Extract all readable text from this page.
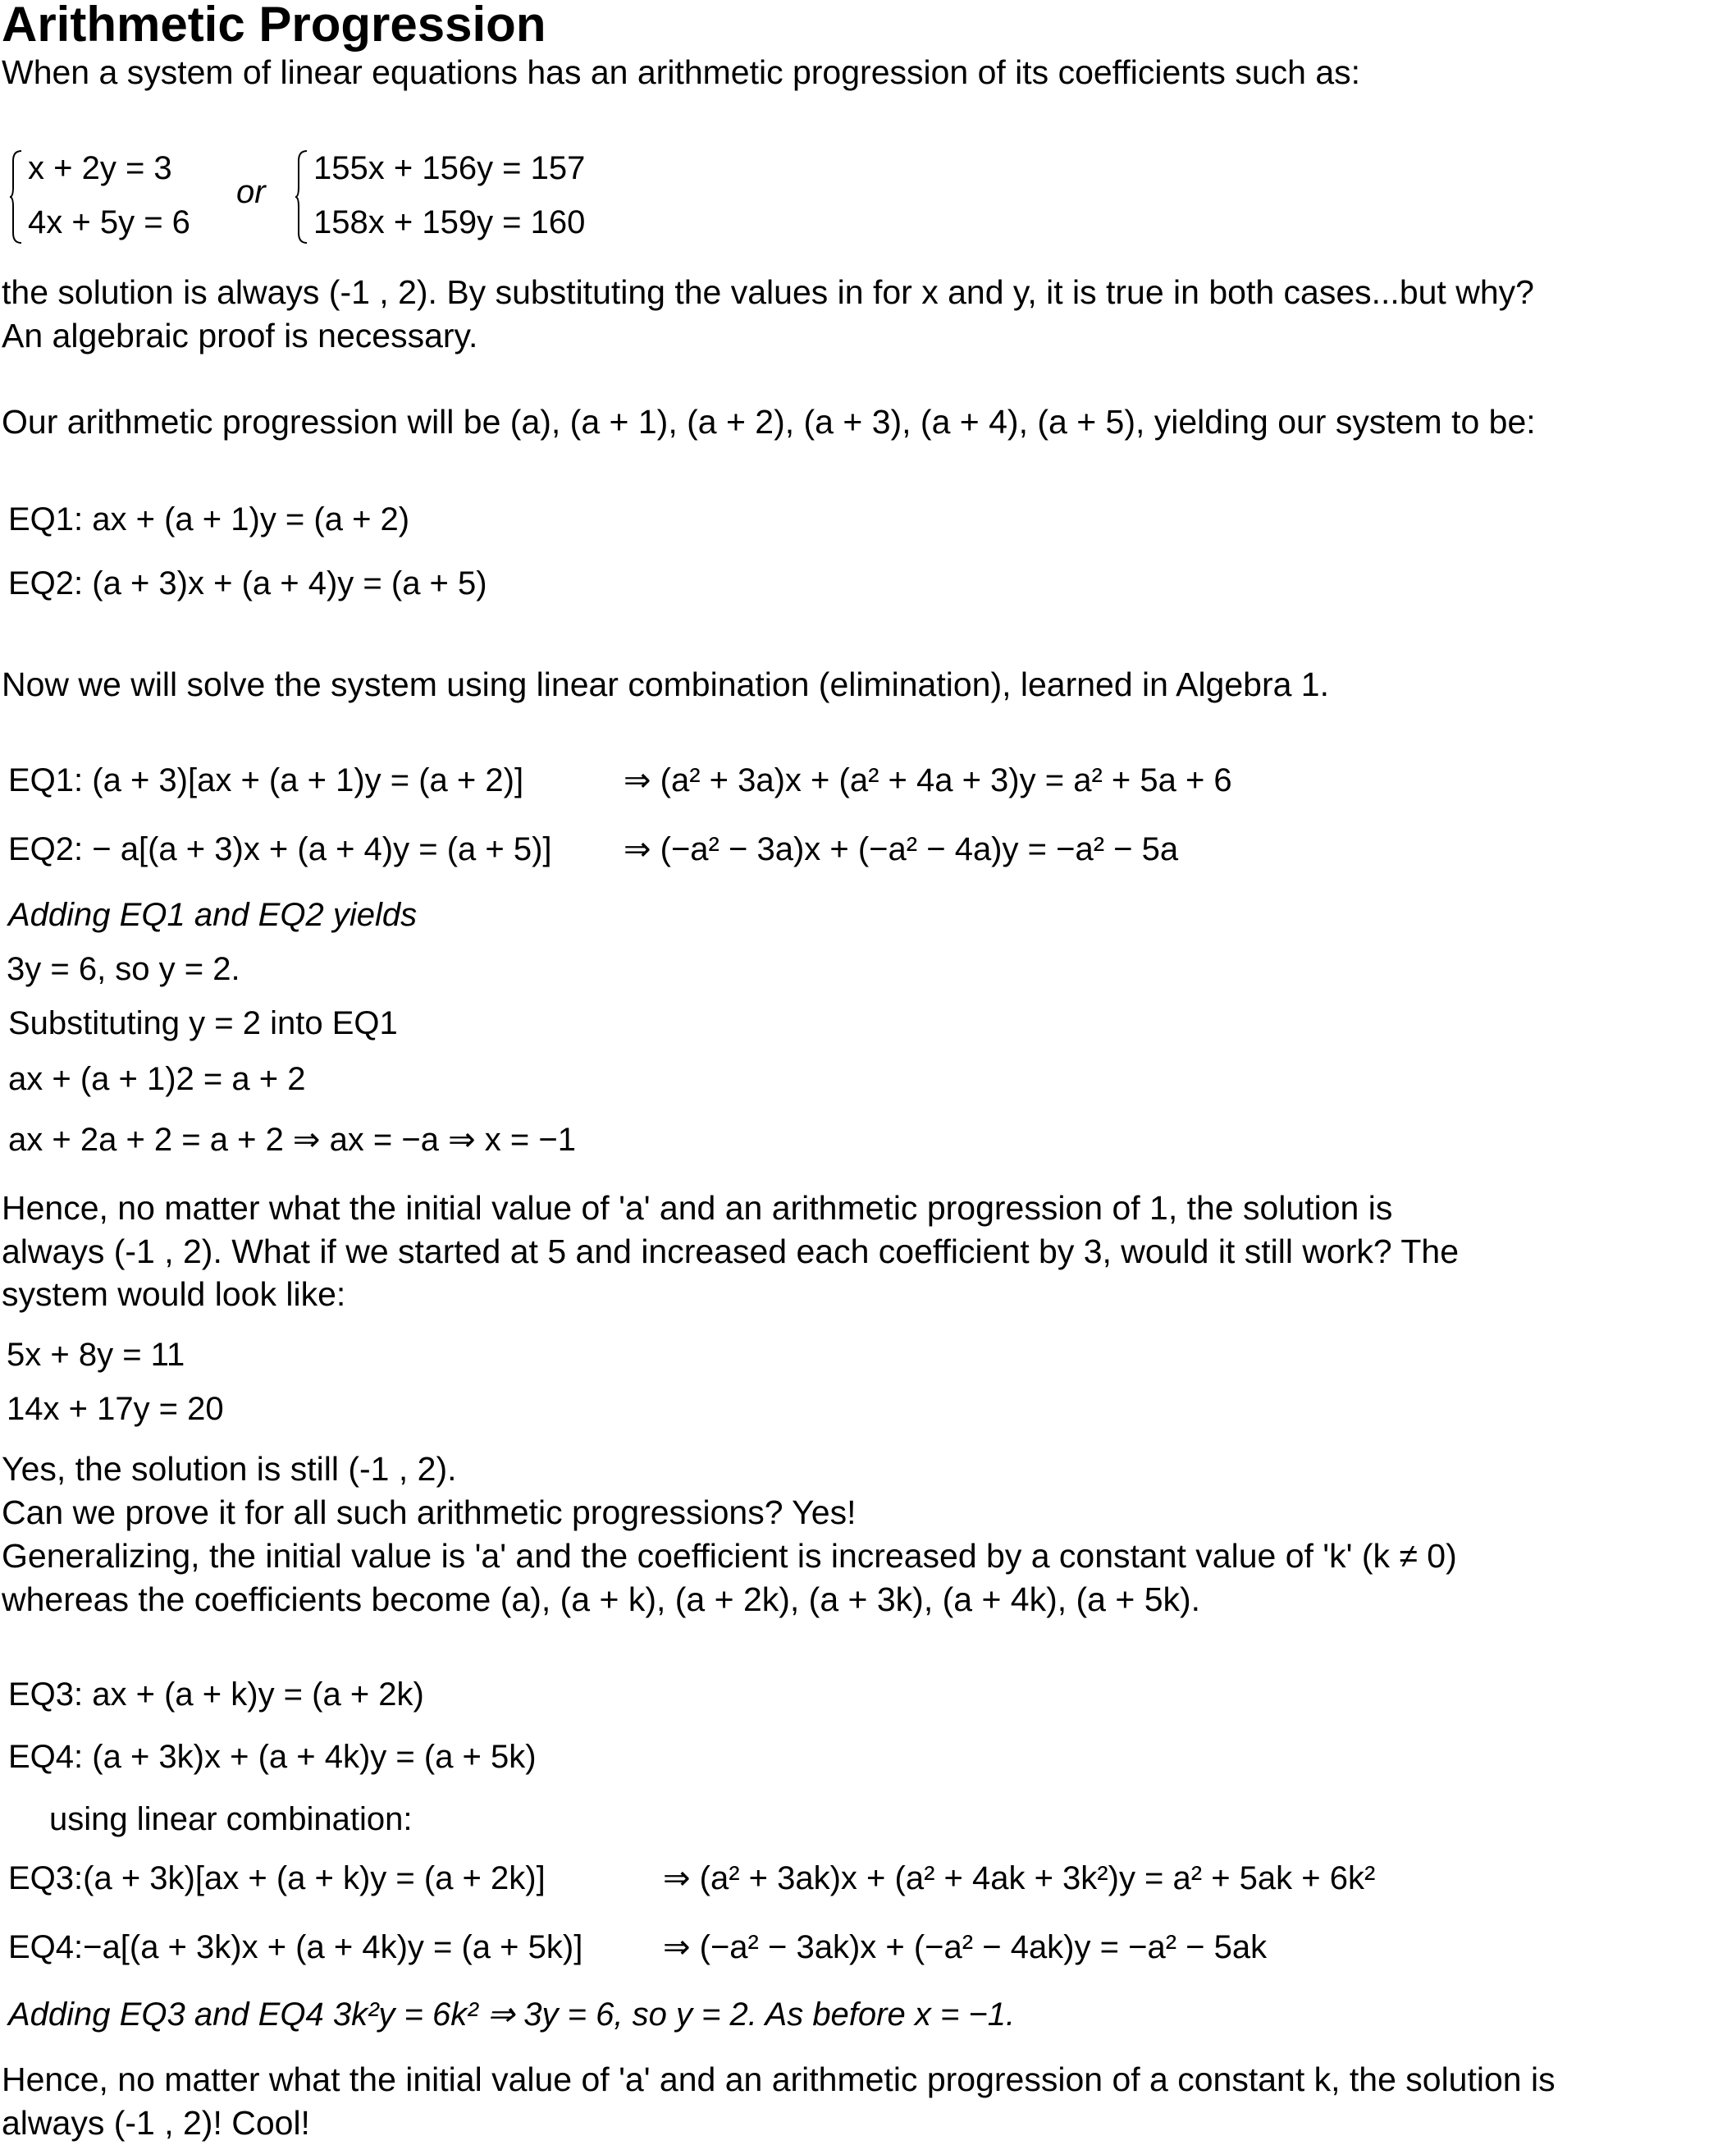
Arithmetic Progression

When a system of linear equations has an arithmetic progression of its coefficients such as:

x + 2y = 3
4x + 5y = 6
or
155x + 156y = 157
158x + 159y = 160

the solution is always (-1 , 2). By substituting the values in for x and y, it is true in both cases...but why?

An algebraic proof is necessary.

Our arithmetic progression will be (a), (a + 1), (a + 2), (a + 3), (a + 4), (a + 5), yielding our system to be:

EQ1: ax + (a + 1)y = (a + 2)
EQ2: (a + 3)x + (a + 4)y = (a + 5)

Now we will solve the system using linear combination (elimination), learned in Algebra 1.

EQ1: (a + 3)[ax + (a + 1)y = (a + 2)]	⇒ (a² + 3a)x + (a² + 4a + 3)y = a² + 5a + 6
EQ2: − a[(a + 3)x + (a + 4)y = (a + 5)] ⇒ (−a² − 3a)x + (−a² − 4a)y = −a² − 5a
Adding EQ1 and EQ2 yields
3y = 6, so y = 2.
Substituting y = 2 into EQ1
ax + (a + 1)2 = a + 2
ax + 2a + 2 = a + 2 ⇒ ax = −a ⇒ x = −1

Hence, no matter what the initial value of 'a' and an arithmetic progression of 1, the solution is

always (-1 , 2). What if we started at 5 and increased each coefficient by 3, would it still work? The

system would look like:

5x + 8y = 11
14x + 17y = 20

Yes, the solution is still (-1 , 2).

Can we prove it for all such arithmetic progressions? Yes!

Generalizing, the initial value is 'a' and the coefficient is increased by a constant value of 'k' (k ≠ 0)

whereas the coefficients become (a), (a + k), (a + 2k), (a + 3k), (a + 4k), (a + 5k).

EQ3: ax + (a + k)y = (a + 2k)
EQ4: (a + 3k)x + (a + 4k)y = (a + 5k)
using linear combination:
EQ3:(a + 3k)[ax + (a + k)y = (a + 2k)]	⇒ (a² + 3ak)x + (a² + 4ak + 3k²)y = a² + 5ak + 6k²
EQ4:−a[(a + 3k)x + (a + 4k)y = (a + 5k)] ⇒ (−a² − 3ak)x + (−a² − 4ak)y = −a² − 5ak
Adding EQ3 and EQ4 3k²y = 6k² ⇒ 3y = 6, so y = 2. As before x = −1.

Hence, no matter what the initial value of 'a' and an arithmetic progression of a constant k, the solution is

always (-1 , 2)! Cool!
